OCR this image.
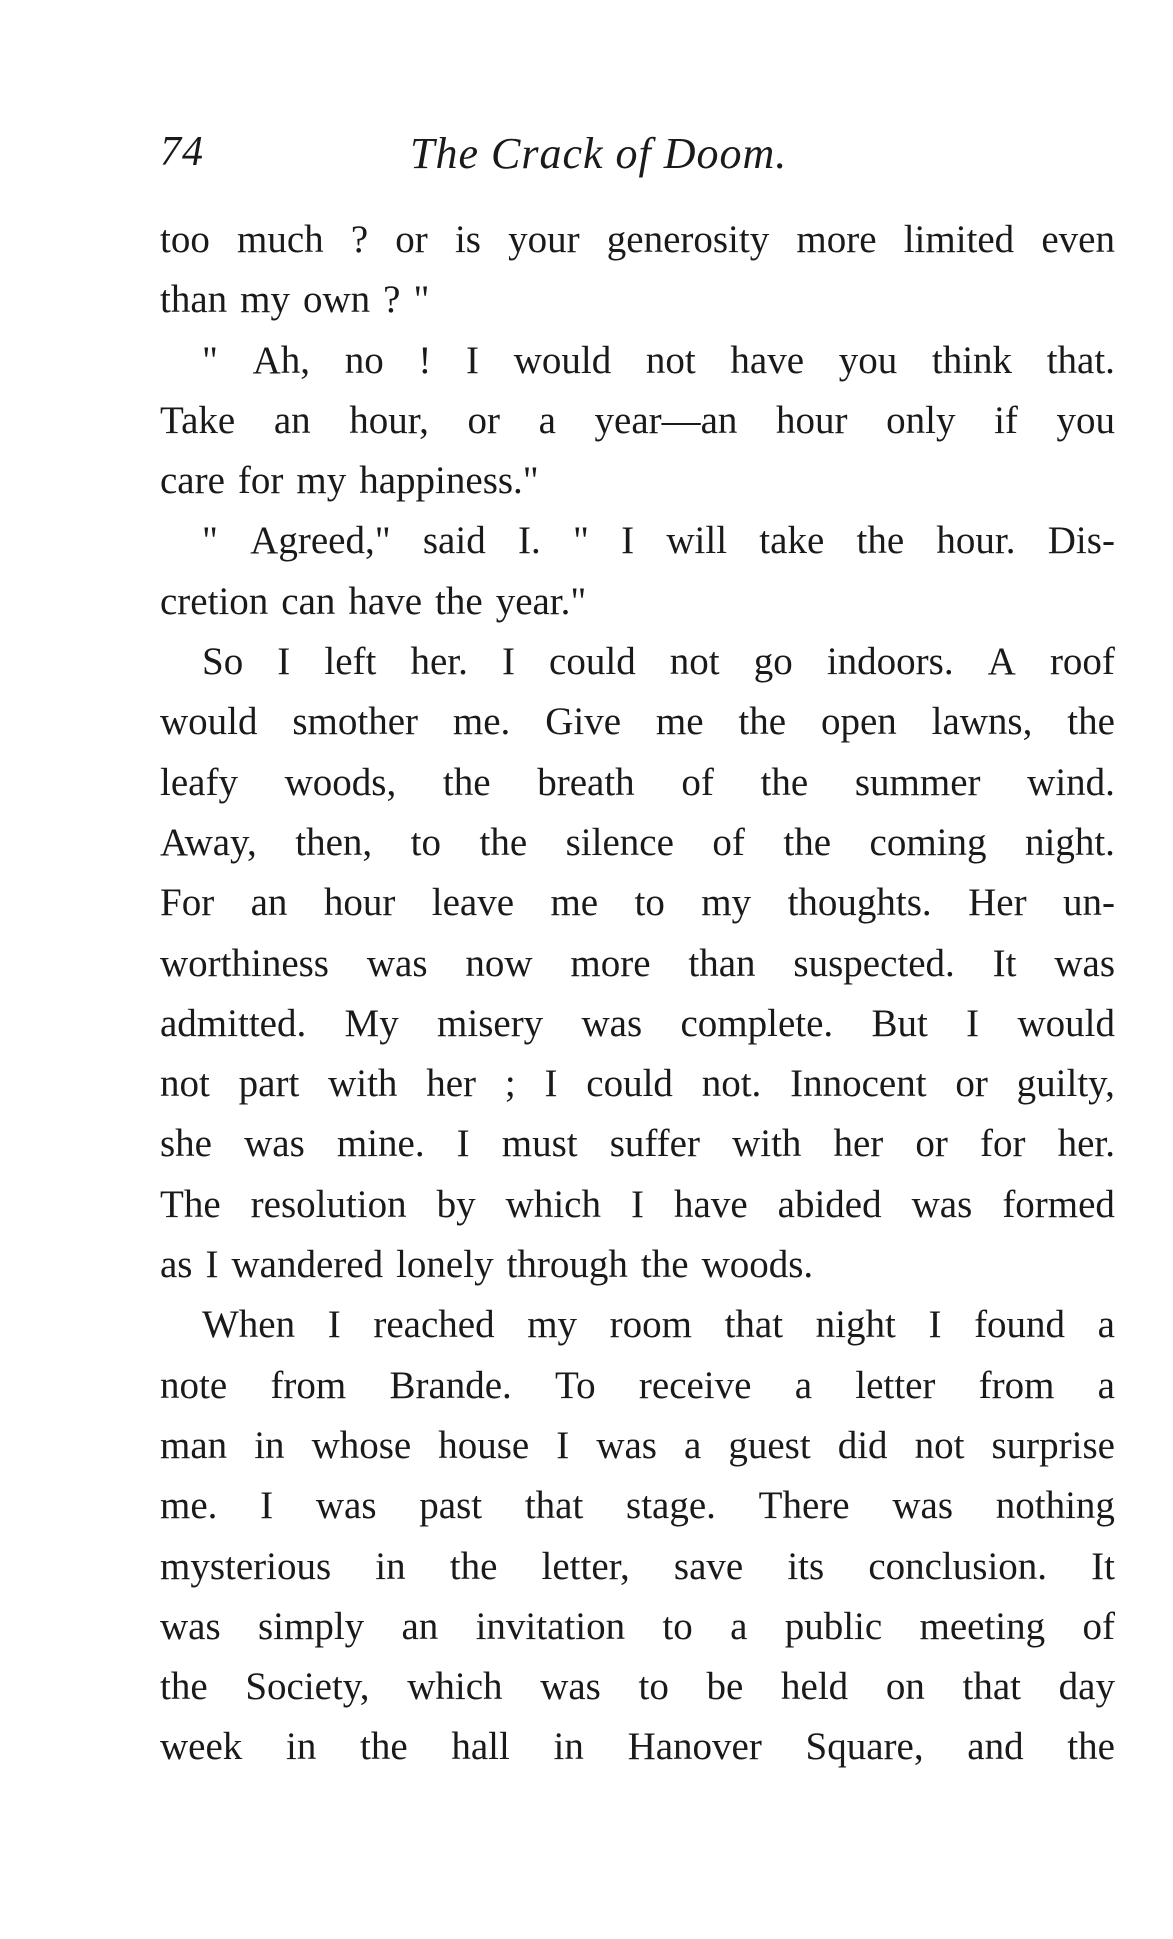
74	The Crack of Doom.
too much ? or is your generosity more limited even
than my own ? "
" Ah, no ! I would not have you think that.
Take an hour, or a year—an hour only if you
care for my happiness."
" Agreed," said I. " I will take the hour. Dis-
cretion can have the year."
So I left her. I could not go indoors. A roof
would smother me. Give me the open lawns, the
leafy woods, the breath of the summer wind.
Away, then, to the silence of the coming night.
For an hour leave me to my thoughts. Her un-
worthiness was now more than suspected. It was
admitted. My misery was complete. But I would
not part with her ; I could not. Innocent or guilty,
she was mine. I must suffer with her or for her.
The resolution by which I have abided was formed
as I wandered lonely through the woods.
When I reached my room that night I found a
note from Brande. To receive a letter from a
man in whose house I was a guest did not surprise
me. I was past that stage. There was nothing
mysterious in the letter, save its conclusion. It
was simply an invitation to a public meeting of
the Society, which was to be held on that day
week in the hall in Hanover Square, and the
